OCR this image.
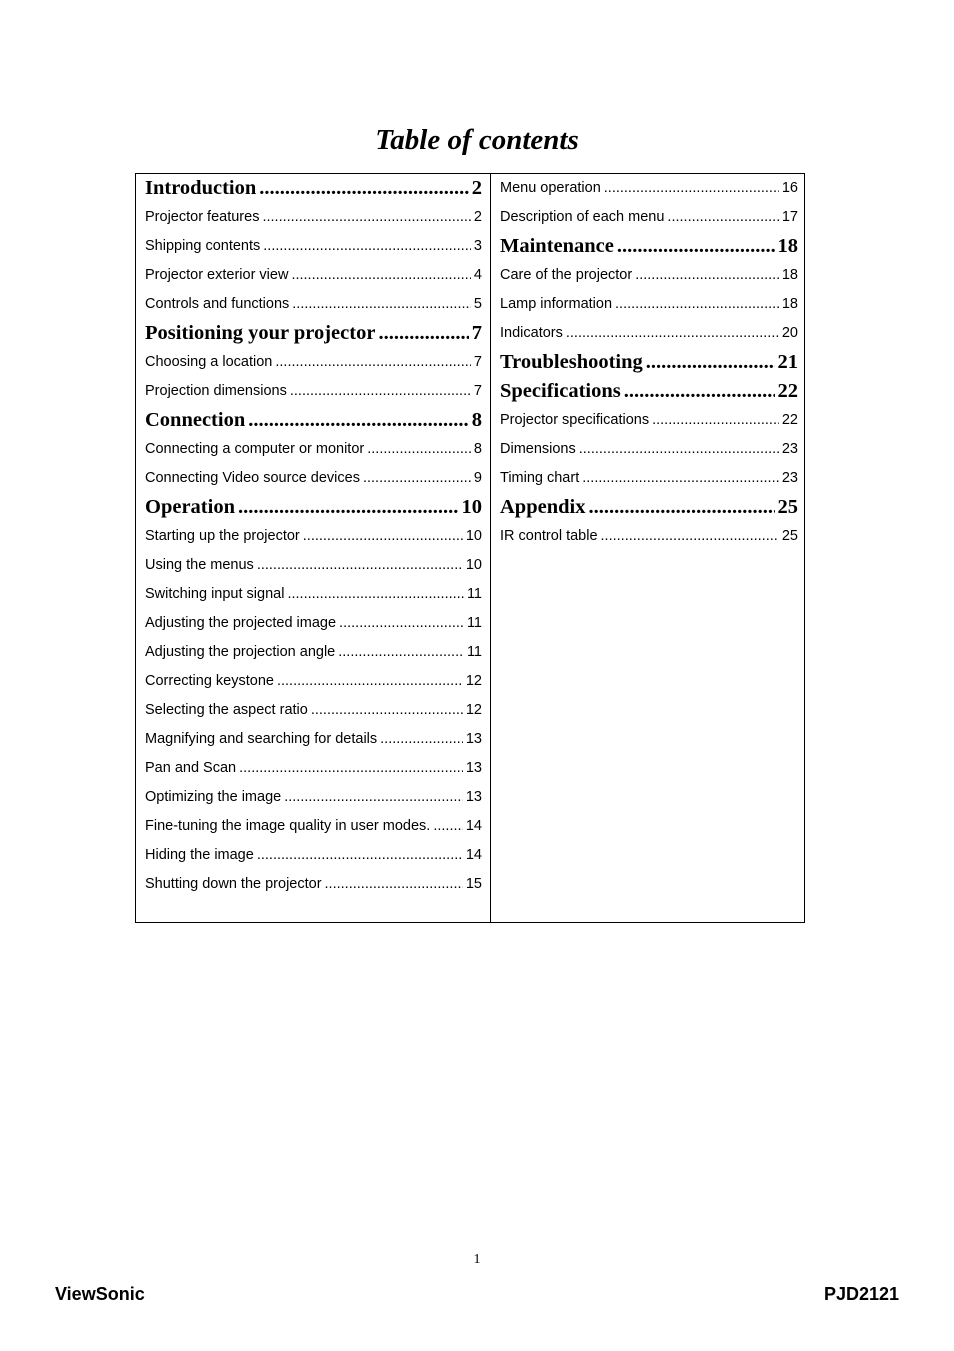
Table of contents
Introduction .....	2
Projector features .....	2
Shipping contents .....	3
Projector exterior view .....	4
Controls and functions .....	5
Positioning your projector .....	7
Choosing a location .....	7
Projection dimensions .....	7
Connection .....	8
Connecting a computer or monitor .....	8
Connecting Video source devices .....	9
Operation .....	10
Starting up the projector .....	10
Using the menus .....	10
Switching input signal .....	11
Adjusting the projected image .....	11
Adjusting the projection angle .....	11
Correcting keystone .....	12
Selecting the aspect ratio .....	12
Magnifying and searching for details .....	13
Pan and Scan .....	13
Optimizing the image .....	13
Fine-tuning the image quality in user modes. ..... 14
Hiding the image .....	14
Shutting down the projector .....	15
Menu operation .....	16
Description of each menu .....	17
Maintenance .....	18
Care of the projector .....	18
Lamp information .....	18
Indicators .....	20
Troubleshooting .....	21
Specifications .....	22
Projector specifications .....	22
Dimensions .....	23
Timing chart .....	23
Appendix .....	25
IR control table .....	25
1
ViewSonic	PJD2121
